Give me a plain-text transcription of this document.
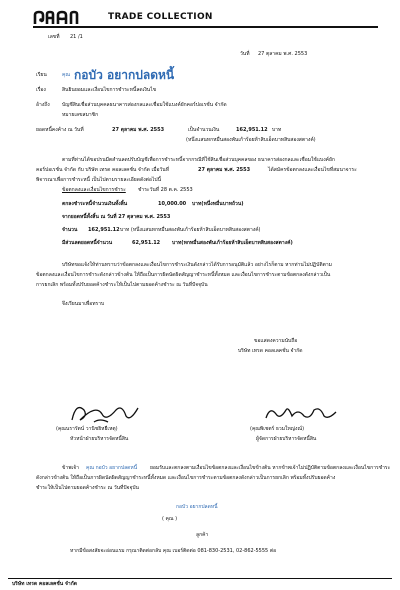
TRADE COLLECTION
เลขที่ 21 /1
วันที่ 27 ตุลาคม พ.ศ. 2553
เรียน	คุณ กอบัว อยากปลดหนี้
เรื่อง	สินยินยอมและเงื่อนไขการชำระหนี้ลดเงินไข
อ้างถึง บัญชีสินเชื่อส่วนบุคคลธนาคารส่องกลและเชื่อมใช้แบงค์ยักคอร์ปอเรชั่น จำกัด
หมายเลขสมาชิก
ยอดหนี้คงค้าง ณ วันที่	27 ตุลาคม พ.ศ. 2553	เป็นจำนวนเงิน	162,951.12 บาท
(หนึ่งแสนหกหมื่นสองพันเก้าร้อยห้าสิบเอ็ดบาทสิบสองสตางค์)
ตามที่ท่านได้ขอปรนมีตสำนลดปรับบัญชีเพื่อการชำระหนี้จากกรณีที่ใช้สินเชื่อส่วนบุคคลของ ธนาคารส่องกลและเชื่อมใช้แบงค์ยัก
คอร์ปอเรชั่น จำกัด กับ บริษัท เทรด คอลเลคชั่น จำกัด เมื่อวันที่	27 ตุลาคม พ.ศ. 2553	ได้สมัครข้อตกลงและเงื่อนไขที่สมนาจาระ
พิจารณาเพื่อการชำระหนี้ เป็นไปตามรายละเอียดดังต่อไปนี้
ข้อตกลงและเงื่อนไขการชำระ ชำระวันที่ 28 ต.ค. 2553
ตกลงชำระหนี้จำนวนเงินทั้งสิ้น	10,000.00 บาท(หนึ่งหมื่นบาทถ้วน)
จากยอดหนี้ทั้งสิ้น ณ วันที่ 27 ตุลาคม พ.ศ. 2553
จำนวน 162,951.12 บาท (หนึ่งแสนหกหมื่นสองพันเก้าร้อยห้าสิบเอ็ดบาทสิบสองสตางค์)
มีส่วนลดยอดหนี้จำนวน	62,951.12 บาท(หกหมื่นสองพันเก้าร้อยห้าสิบเอ็ดบาทสิบสองสตางค์)
บริษัทขอแจ้งให้ท่านทราบว่าข้อตกลงและเงื่อนไขการชำระเงินดังกล่าวได้รับการอนุมัติแล้ว อย่างไรก็ตาม หากท่านไม่ปฏิบัติตาม
ข้อตกลงและเงื่อนไขการชำระดังกล่าวข้างต้น ให้ถือเป็นการผิดนัดผิดสัญญาชำระหนี้ทั้งหมด และเงื่อนไขการชำระตามข้อตกลงดังกล่าวเป็น
การยกเลิก พร้อมทั้งปรับยอดค้างชำระให้เป็นไปตามยอดค้างชำระ ณ วันที่ปัจจุบัน
จึงเรียนมาเพื่อทราบ
ขอแสดงความนับถือ
บริษัท เทรด คอลเลคชั่น จำกัด
(คุณนรารัตน์ วานิชยิหยืเหตุ)
หัวหน้าฝ่ายบริหารจัดหนี้สิน
(คุณพิเชตร์ ธวมใหญ่งณ์)
ผู้จัดการฝ่ายบริหารจัดหนี้สิน
ข้าพเจ้า คุณ กอบัว อยากปลดหนี้	ยอมรับและตกลงตามเงื่อนไขข้อตกลงและเงื่อนไขข้างต้น หากข้าพเจ้าไม่ปฏิบัติตามข้อตกลงและเงื่อนไขการชำระ
ดังกล่าวข้างต้น ให้ถือเป็นการผิดนัดผิดสัญญาชำระหนี้ทั้งหมด และเงื่อนไขการชำระตามข้อตกลงดังกล่าวเป็นการยกเลิก พร้อมทั้งปรับยอดค้าง
ชำระให้เป็นไปตามยอดค้างชำระ ณ วันที่ปัจจุบัน
กอบัว อยากปลดหนี้
( คุณ )
ลูกค้า
หากมีข้อสงสัยจะอ่อนแรม กรุณาติดต่อกลับ คุณ เบอร์ติดต่อ 081-830-2531, 02-862-5555 ต่อ
บริษัท เทรด คอลเลคชั่น จำกัด
